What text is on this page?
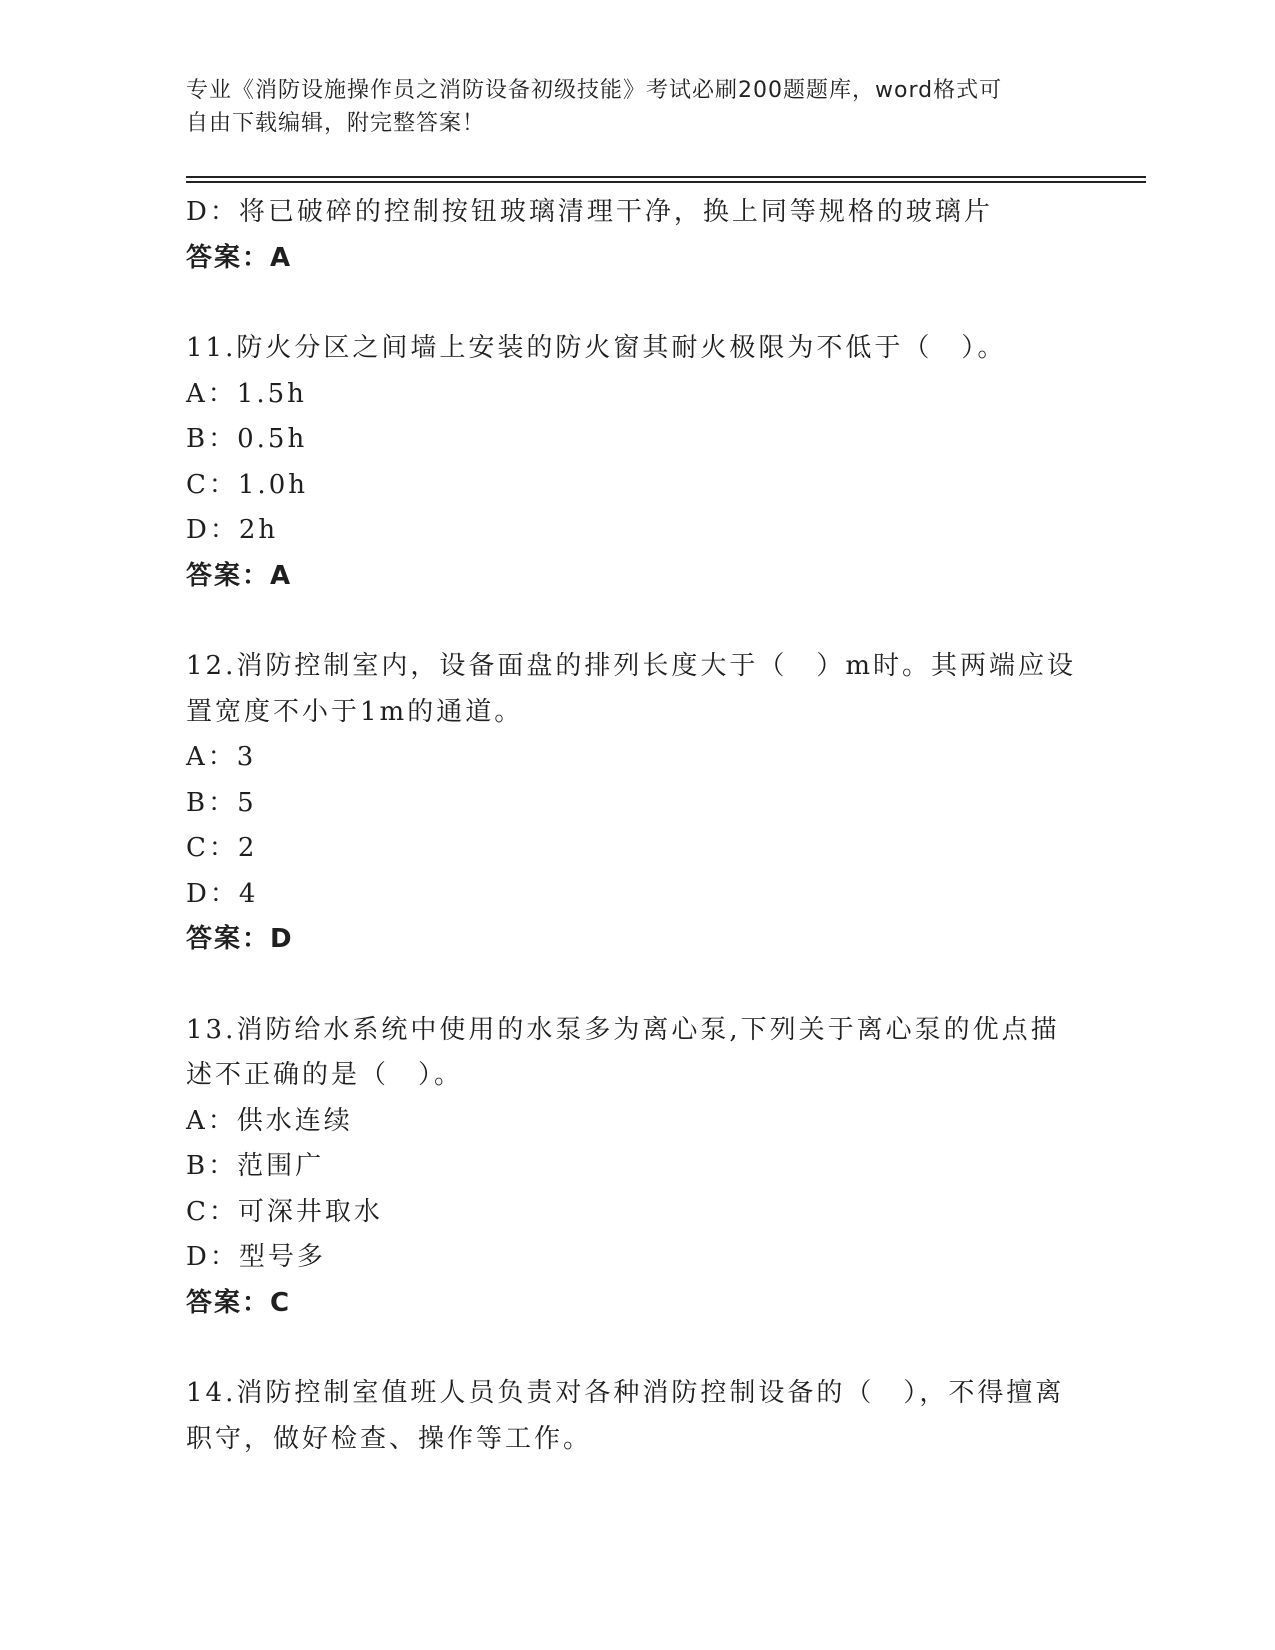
专业《消防设施操作员之消防设备初级技能》考试必刷200题题库，word格式可
自由下载编辑，附完整答案！
D：将已破碎的控制按钮玻璃清理干净，换上同等规格的玻璃片
答案：A
11.防火分区之间墙上安装的防火窗其耐火极限为不低于（　）。
A：1.5h
B：0.5h
C：1.0h
D：2h
答案：A
12.消防控制室内，设备面盘的排列长度大于（　）m时。其两端应设
置宽度不小于1m的通道。
A：3
B：5
C：2
D：4
答案：D
13.消防给水系统中使用的水泵多为离心泵,下列关于离心泵的优点描
述不正确的是（　）。
A：供水连续
B：范围广
C：可深井取水
D：型号多
答案：C
14.消防控制室值班人员负责对各种消防控制设备的（　），不得擅离
职守，做好检查、操作等工作。
